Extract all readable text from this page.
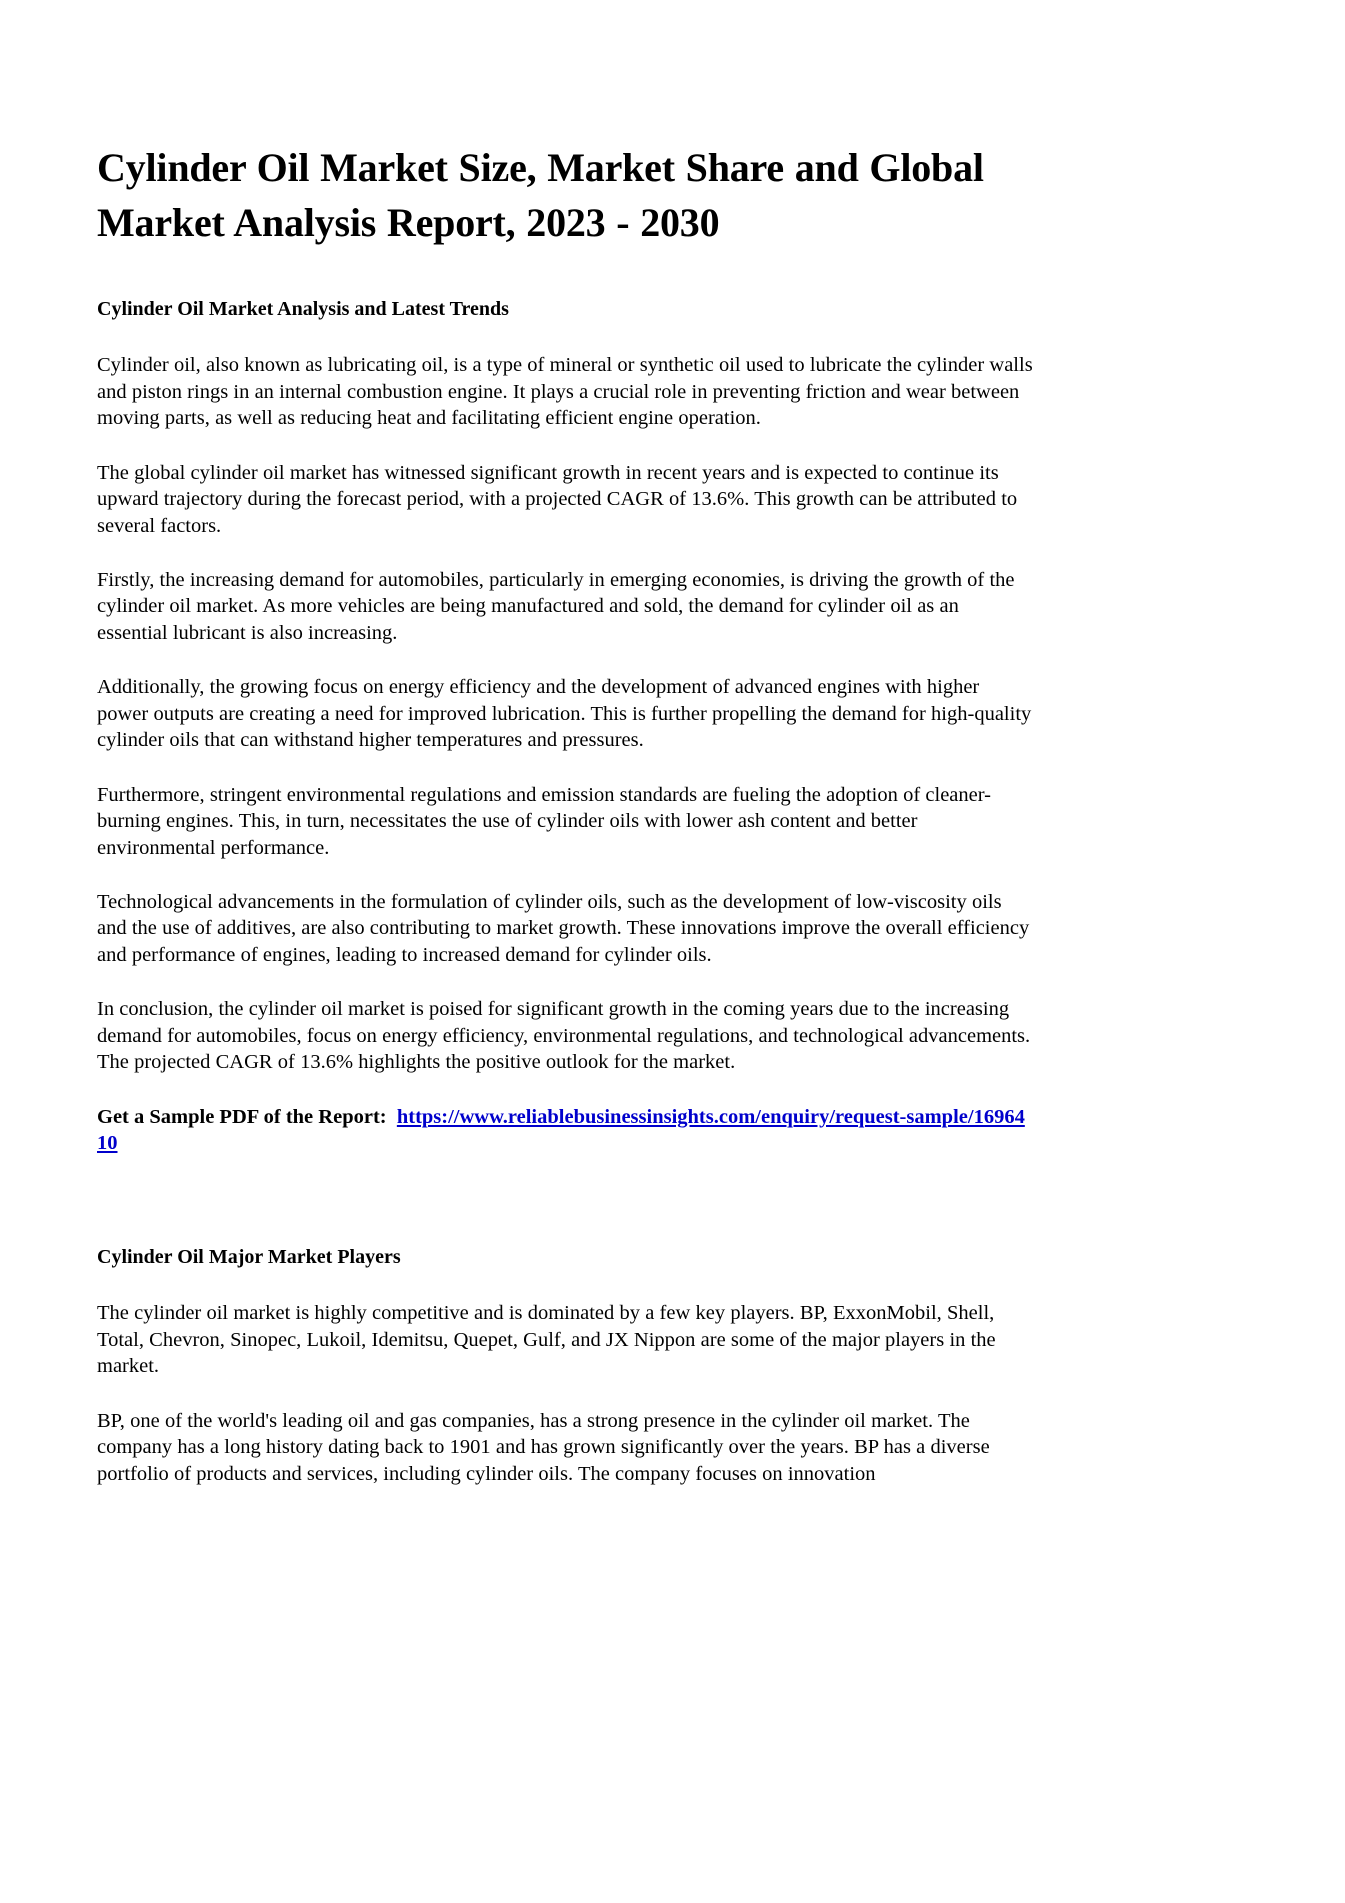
Cylinder Oil Market Size, Market Share and Global Market Analysis Report, 2023 - 2030
Cylinder Oil Market Analysis and Latest Trends

Cylinder oil, also known as lubricating oil, is a type of mineral or synthetic oil used to lubricate the cylinder walls and piston rings in an internal combustion engine. It plays a crucial role in preventing friction and wear between moving parts, as well as reducing heat and facilitating efficient engine operation.

The global cylinder oil market has witnessed significant growth in recent years and is expected to continue its upward trajectory during the forecast period, with a projected CAGR of 13.6%. This growth can be attributed to several factors.

Firstly, the increasing demand for automobiles, particularly in emerging economies, is driving the growth of the cylinder oil market. As more vehicles are being manufactured and sold, the demand for cylinder oil as an essential lubricant is also increasing.

Additionally, the growing focus on energy efficiency and the development of advanced engines with higher power outputs are creating a need for improved lubrication. This is further propelling the demand for high-quality cylinder oils that can withstand higher temperatures and pressures.

Furthermore, stringent environmental regulations and emission standards are fueling the adoption of cleaner-burning engines. This, in turn, necessitates the use of cylinder oils with lower ash content and better environmental performance.

Technological advancements in the formulation of cylinder oils, such as the development of low-viscosity oils and the use of additives, are also contributing to market growth. These innovations improve the overall efficiency and performance of engines, leading to increased demand for cylinder oils.

In conclusion, the cylinder oil market is poised for significant growth in the coming years due to the increasing demand for automobiles, focus on energy efficiency, environmental regulations, and technological advancements. The projected CAGR of 13.6% highlights the positive outlook for the market.

Get a Sample PDF of the Report: https://www.reliablebusinessinsights.com/enquiry/request-sample/1696410

Cylinder Oil Major Market Players

The cylinder oil market is highly competitive and is dominated by a few key players. BP, ExxonMobil, Shell, Total, Chevron, Sinopec, Lukoil, Idemitsu, Quepet, Gulf, and JX Nippon are some of the major players in the market.

BP, one of the world's leading oil and gas companies, has a strong presence in the cylinder oil market. The company has a long history dating back to 1901 and has grown significantly over the years. BP has a diverse portfolio of products and services, including cylinder oils. The company focuses on innovation
